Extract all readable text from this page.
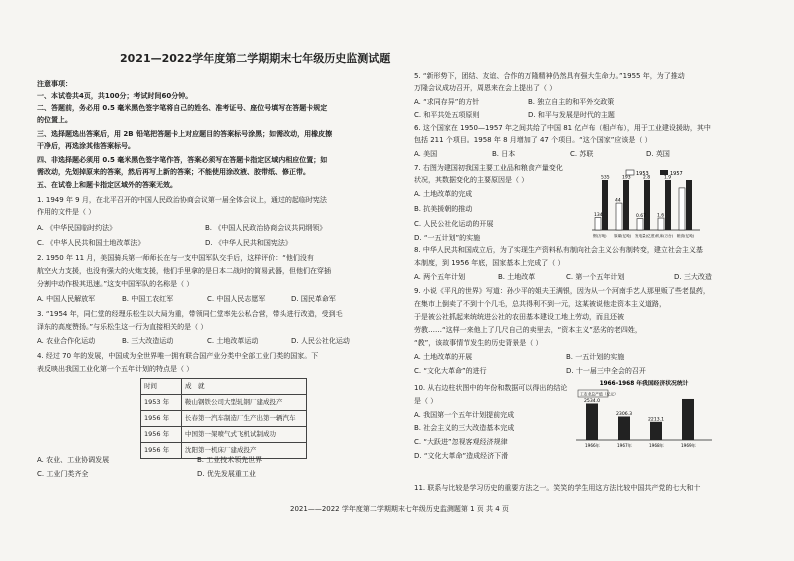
2021—2022学年度第二学期期末七年级历史监测试题
注意事项：
一、本试卷共4页，共100分；考试时间60分钟。
二、答题前，务必用 0.5 毫米黑色签字笔将自己的姓名、准考证号、座位号填写在答题卡规定
的位置上。
三、选择题选出答案后，用 2B 铅笔把答题卡上对应题目的答案标号涂黑；如需改动，用橡皮擦
干净后，再选涂其他答案标号。
四、非选择题必须用 0.5 毫米黑色签字笔作答，答案必须写在答题卡指定区域内相应位置；如
需改动，先划掉原来的答案，然后再写上新的答案；不能使用涂改液、胶带纸、修正带。
五、在试卷上和题卡指定区域外的答案无效。
1. 1949 年 9 月，在北平召开的中国人民政治协商会议第一届全体会议上，通过的起临时宪法
作用的文件是（ ）
A. 《中华民国临时约法》	B. 《中国人民政治协商会议共同纲领》
C. 《中华人民共和国土地改革法》	D. 《中华人民共和国宪法》
2. 1950 年 11 月，美国骑兵第一师师长在与一支中国军队交手后，这样评价：“他们没有
航空火力支援，也没有强大的火炮支援，他们手里拿的是日本二战时的简易武器，但他们在穿插
分割中动作极其迅速。”这支中国军队的名称是（ ）
A. 中国人民解放军	B. 中国工农红军	C. 中国人民志愿军	D. 国民革命军
3. “1954 年，同仁堂的经理乐松生以大局为重，带领同仁堂率先公私合营，带头进行改造，受到毛
泽东的高度赞扬。”与乐松生这一行为直接相关的是（ ）
A. 农业合作化运动	B. 三大改造运动	C. 土地改革运动	D. 人民公社化运动
4. 经过 70 年的发展，中国成为全世界唯一拥有联合国产业分类中全部工业门类的国家。下
表反映出我国工业化第一个五年计划的特点是（ ）
时间	成　就
1953 年	鞍山钢铁公司大型轧钢厂建成投产
1956 年	长春第一汽车制造厂生产出第一辆汽车
1956 年	中国第一架喷气式飞机试制成功
1956 年	沈阳第一机床厂建成投产
A. 农业、工业协调发展	B. 工业技术领先世界
C. 工业门类齐全	D. 优先发展重工业
5. “新形势下，团结、友谊、合作的万隆精神仍然具有强大生命力。”1955 年，为了推动
万隆会议成功召开，周恩来在会上提出了（ ）
A. “求同存异”的方针	B. 独立自主的和平外交政策
C. 和平共处五项原则	D. 和平与发展是时代的主题
6. 这个国家在 1950—1957 年之间共给了中国 81 亿卢布（相卢布），用于工业建设援助，其中
包括 211 个项目。1958 年 8 月增加了 47 个项目。“这个国家”应该是（ ）
A. 美国	B. 日本	C. 苏联	D. 英国
7. 右图为建国初我国主要工业品和粮食产量变化
状况，其数据变化的主要原因是（ ）
A. 土地改革的完成
B. 抗美援朝的推动
C. 人民公社化运动的开展
D. “一五计划”的实施
1953	1957
134
535
钢(万吨)
44
193
原煤(亿吨)
0.67
2.8
发电量(亿度)
1.6
1.9
机床(万台) 粮食(亿吨)
8. 中华人民共和国成立后，为了实现生产资料私有制向社会主义公有制转变，建立社会主义基
本制度，到 1956 年底，国家基本上完成了（ ）
A. 两个五年计划	B. 土地改革	C. 第一个五年计划	D. 三大改造
9. 小说《平凡的世界》写道：孙少平的姐夫王满银，因为从一个河南手艺人那里贩了些老鼠药，
在集市上倒卖了不到十个几毛，总共得利不到一元，这某被说他走资本主义道路，
于是被公社抓起来统统进公社的农田基本建设工地上劳动，而且还被
劳教……“这样一来他上了几尺自己的卖里去，“资本主义”恶劣的老四姓，
“教”，该故事情节发生的历史背景是（ ）
A. 土地改革的开展	B. 一五计划的实施
C. “文化大革命”的进行	D. 十一届三中全会的召开
10. 从右边柱状图中的年份和数据可以得出的结论
是（ ）
A. 我国第一个五年计划提前完成
B. 社会主义的三大改造基本完成
C. “大跃进”忽视客观经济规律
D. “文化大革命”造成经济下滑
1966-1968 年我国经济状况统计
工农业总产值（亿元）
2534.0
1966年
2306.3
1967年
2213.1
1968年	1969年
11. 联系与比较是学习历史的重要方法之一。笑笑的学生用这方法比较中国共产党的七大和十
2021——2022 学年度第二学期期末七年级历史监测题第 1 页 共 4 页
